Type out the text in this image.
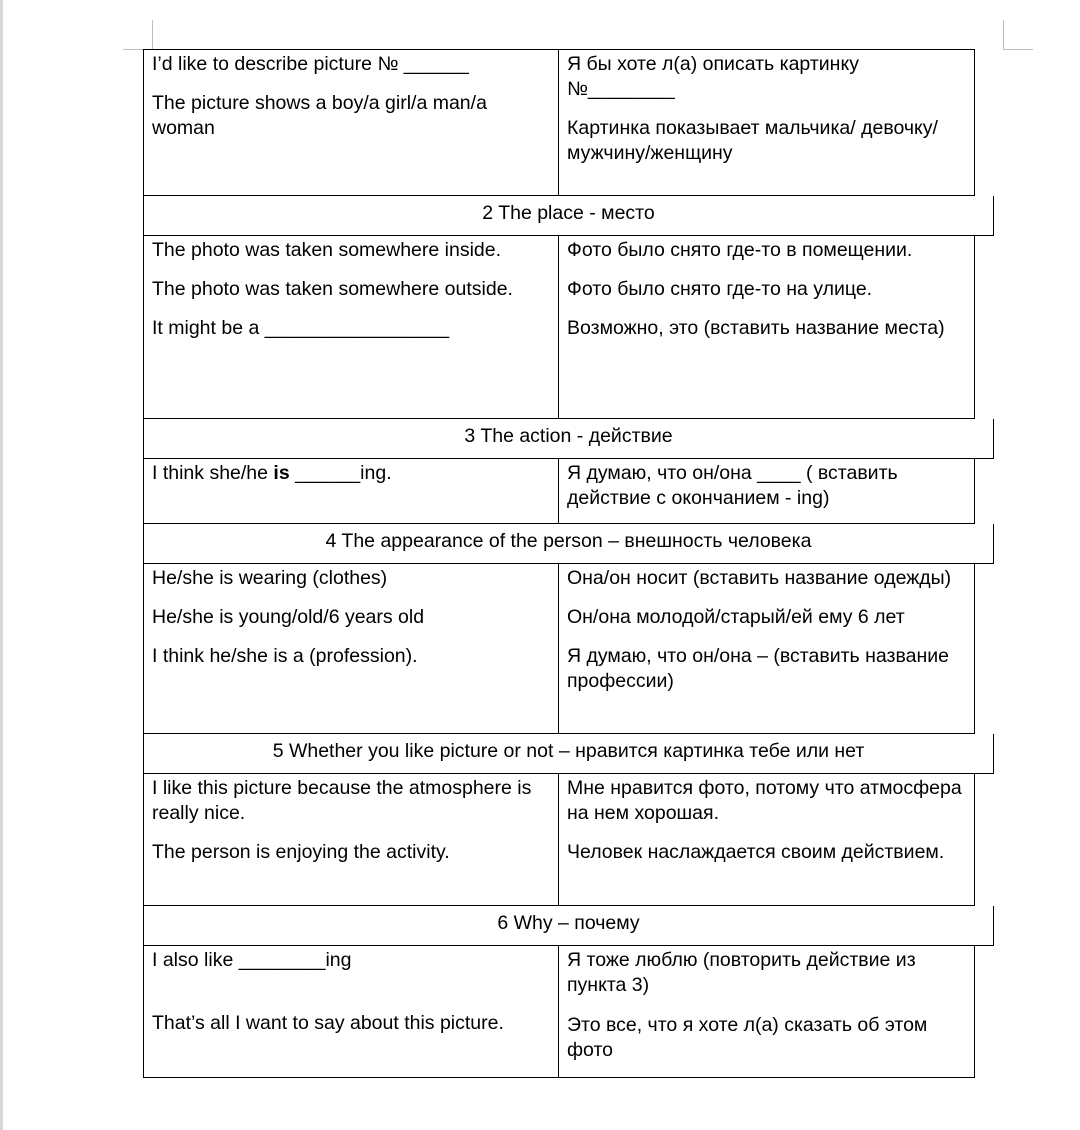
I’d like to describe picture № ______

The picture shows a boy/a girl/a man/a woman

Я бы хоте л(а) описать картинку №________

Картинка показывает мальчика/ девочку/мужчину/женщину

2 The place - место

The photo was taken somewhere inside.

The photo was taken somewhere outside.

It might be a _________________

Фото было снято где-то в помещении.

Фото было снято где-то на улице.

Возможно, это (вставить название места)

3 The action - действие

I think she/he is ______ing.	Я думаю, что он/она ____ ( вставить действие с окончанием - ing)

4 The appearance of the person – внешность человека

He/she is wearing (clothes)

He/she is young/old/6 years old

I think he/she is a (profession).

Она/он носит (вставить название одежды)

Он/она молодой/старый/ей ему 6 лет

Я думаю, что он/она – (вставить название профессии)

5 Whether you like picture or not – нравится картинка тебе или нет

I like this picture because the atmosphere is really nice.

The person is enjoying the activity.

Мне нравится фото, потому что атмосфера на нем хорошая.

Человек наслаждается своим действием.

6 Why – почему

I also like ________ing

That’s all I want to say about this picture.

Я тоже люблю (повторить действие из пункта 3)

Это все, что я хоте л(а) сказать об этом фото
